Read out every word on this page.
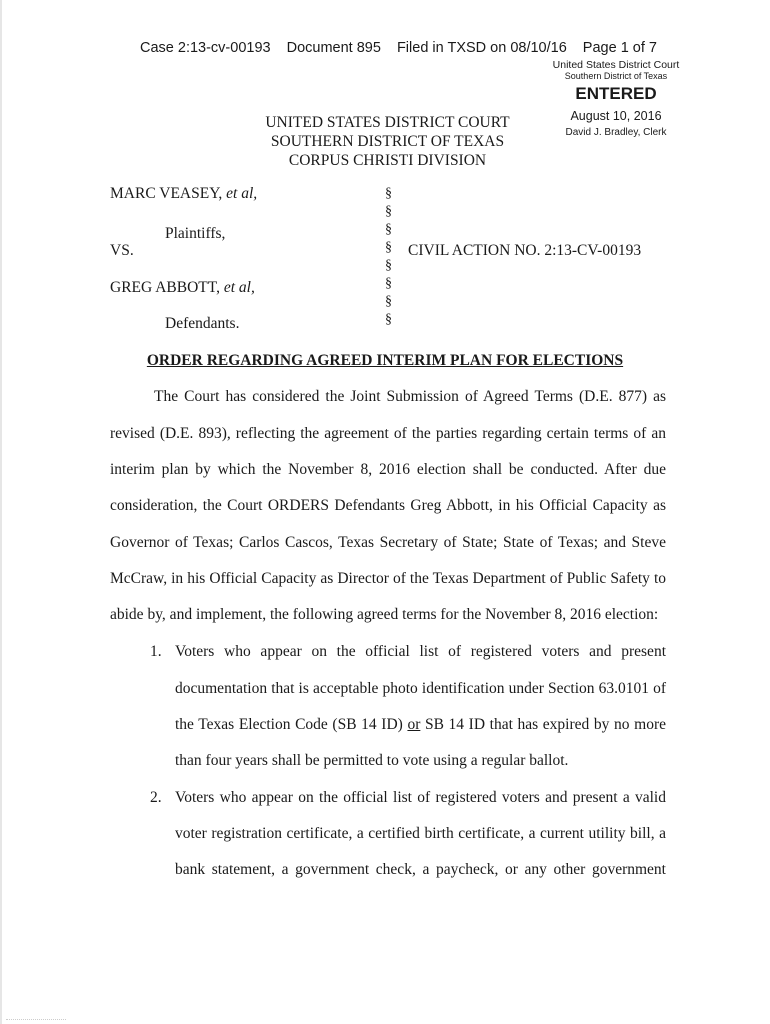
Case 2:13-cv-00193 Document 895 Filed in TXSD on 08/10/16 Page 1 of 7
United States District Court
Southern District of Texas
ENTERED
August 10, 2016
David J. Bradley, Clerk
UNITED STATES DISTRICT COURT
SOUTHERN DISTRICT OF TEXAS
CORPUS CHRISTI DIVISION
MARC VEASEY, et al,
Plaintiffs,
VS.
GREG ABBOTT, et al,
Defendants.
§
§
§
§
§
§
§
§
CIVIL ACTION NO. 2:13-CV-00193
ORDER REGARDING AGREED INTERIM PLAN FOR ELECTIONS
The Court has considered the Joint Submission of Agreed Terms (D.E. 877) as
revised (D.E. 893), reflecting the agreement of the parties regarding certain terms of an
interim plan by which the November 8, 2016 election shall be conducted. After due
consideration, the Court ORDERS Defendants Greg Abbott, in his Official Capacity as
Governor of Texas; Carlos Cascos, Texas Secretary of State; State of Texas; and Steve
McCraw, in his Official Capacity as Director of the Texas Department of Public Safety to
abide by, and implement, the following agreed terms for the November 8, 2016 election:
1. Voters who appear on the official list of registered voters and present
documentation that is acceptable photo identification under Section 63.0101 of
the Texas Election Code (SB 14 ID) or SB 14 ID that has expired by no more
than four years shall be permitted to vote using a regular ballot.
2. Voters who appear on the official list of registered voters and present a valid
voter registration certificate, a certified birth certificate, a current utility bill, a
bank statement, a government check, a paycheck, or any other government
